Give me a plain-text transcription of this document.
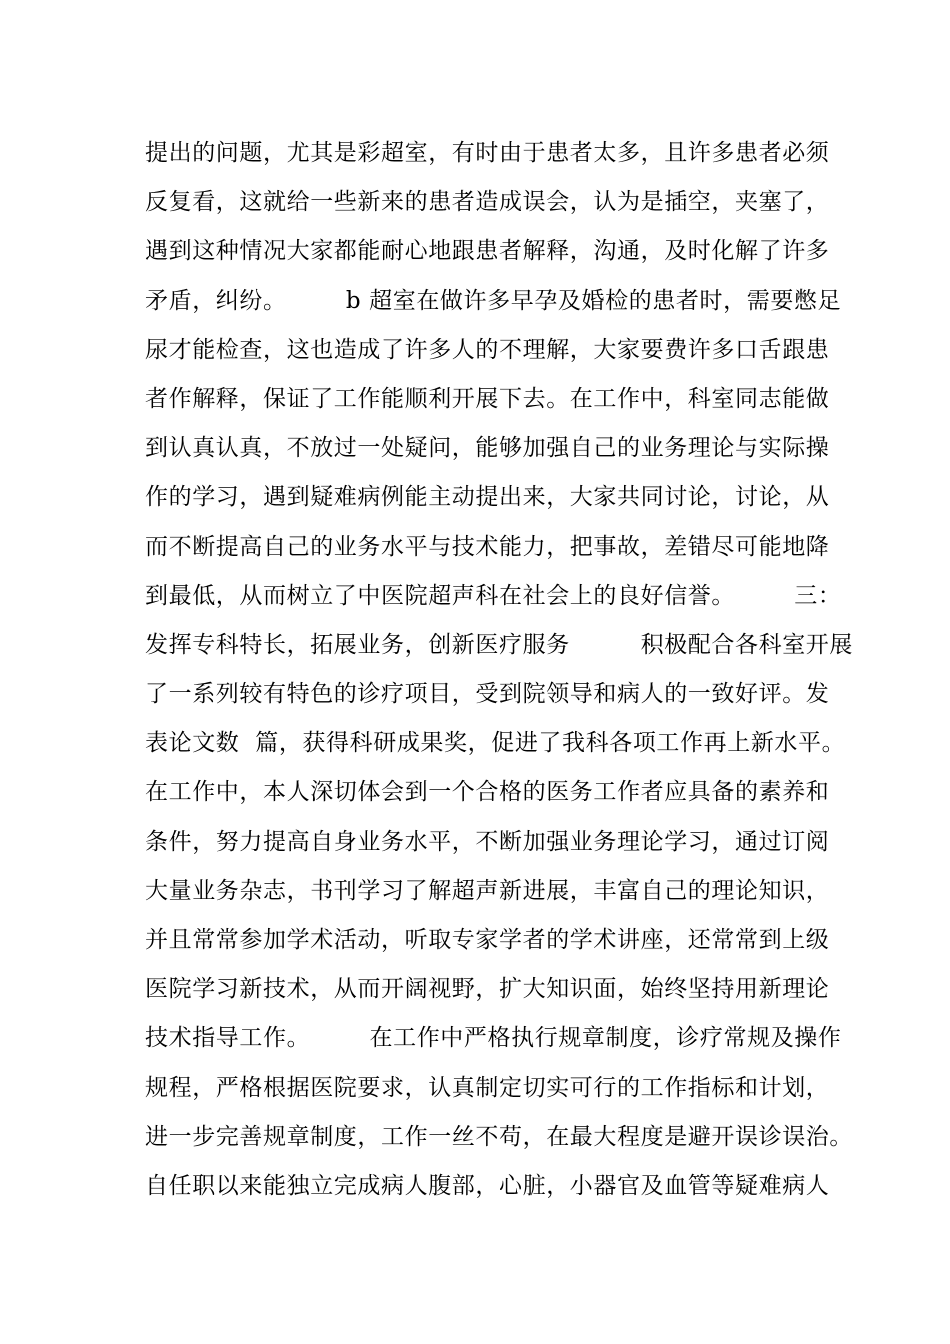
提出的问题，尤其是彩超室，有时由于患者太多，且许多患者必须
反复看，这就给一些新来的患者造成误会，认为是插空，夹塞了，
遇到这种情况大家都能耐心地跟患者解释，沟通，及时化解了许多
矛盾，纠纷。　　　b 超室在做许多早孕及婚检的患者时，需要憋足
尿才能检查，这也造成了许多人的不理解，大家要费许多口舌跟患
者作解释，保证了工作能顺利开展下去。在工作中，科室同志能做
到认真认真，不放过一处疑问，能够加强自己的业务理论与实际操
作的学习，遇到疑难病例能主动提出来，大家共同讨论，讨论，从
而不断提高自己的业务水平与技术能力，把事故，差错尽可能地降
到最低，从而树立了中医院超声科在社会上的良好信誉。　　　三：
发挥专科特长，拓展业务，创新医疗服务　　　积极配合各科室开展
了一系列较有特色的诊疗项目，受到院领导和病人的一致好评。发
表论文数  篇，获得科研成果奖，促进了我科各项工作再上新水平。
在工作中，本人深切体会到一个合格的医务工作者应具备的素养和
条件，努力提高自身业务水平，不断加强业务理论学习，通过订阅
大量业务杂志，书刊学习了解超声新进展，丰富自己的理论知识，
并且常常参加学术活动，听取专家学者的学术讲座，还常常到上级
医院学习新技术，从而开阔视野，扩大知识面，始终坚持用新理论
技术指导工作。　　　在工作中严格执行规章制度，诊疗常规及操作
规程，严格根据医院要求，认真制定切实可行的工作指标和计划，
进一步完善规章制度，工作一丝不苟，在最大程度是避开误诊误治。
自任职以来能独立完成病人腹部，心脏，小器官及血管等疑难病人
